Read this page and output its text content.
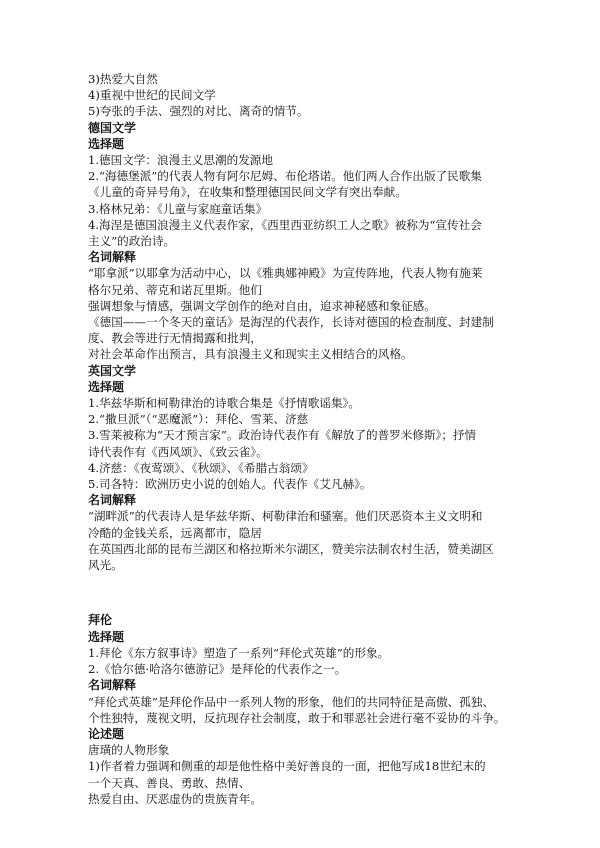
3)热爱大自然

4)重视中世纪的民间文学

5)夸张的手法、强烈的对比、离奇的情节。

德国文学

选择题

1.德国文学：浪漫主义思潮的发源地

2.“海德堡派”的代表人物有阿尔尼姆、布伦塔诺。他们两人合作出版了民歌集

《儿童的奇异号角》，在收集和整理德国民间文学有突出奉献。

3.格林兄弟：《儿童与家庭童话集》

4.海涅是德国浪漫主义代表作家，《西里西亚纺织工人之歌》被称为“宣传社会

主义”的政治诗。

名词解释

“耶拿派”以耶拿为活动中心，以《雅典娜神殿》为宣传阵地，代表人物有施莱

格尔兄弟、蒂克和诺瓦里斯。他们

强调想象与情感，强调文学创作的绝对自由，追求神秘感和象征感。

《德国——一个冬天的童话》是海涅的代表作，长诗对德国的检查制度、封建制

度、教会等进行无情揭露和批判，

对社会革命作出预言，具有浪漫主义和现实主义相结合的风格。

英国文学

选择题

1.华兹华斯和柯勒律治的诗歌合集是《抒情歌谣集》。

2.“撒旦派”（“恶魔派”）：拜伦、雪莱、济慈

3.雪莱被称为“天才预言家”。政治诗代表作有《解放了的普罗米修斯》；抒情

诗代表作有《西风颂》、《致云雀》。

4.济慈：《夜莺颂》、《秋颂》、《希腊古翁颂》

5.司各特：欧洲历史小说的创始人。代表作《艾凡赫》。

名词解释

“湖畔派”的代表诗人是华兹华斯、柯勒律治和骚塞。他们厌恶资本主义文明和

冷酷的金钱关系，远离都市，隐居

在英国西北部的昆布兰湖区和格拉斯米尔湖区，赞美宗法制农村生活，赞美湖区

风光。

拜伦

选择题

1.拜伦《东方叙事诗》塑造了一系列“拜伦式英雄”的形象。

2.《恰尔德·哈洛尔德游记》是拜伦的代表作之一。

名词解释

“拜伦式英雄”是拜伦作品中一系列人物的形象，他们的共同特征是高傲、孤独、

个性独特，蔑视文明，反抗现存社会制度，敢于和罪恶社会进行毫不妥协的斗争。

论述题

唐璜的人物形象

1)作者着力强调和侧重的却是他性格中美好善良的一面，把他写成18世纪末的

一个天真、善良、勇敢、热情、

热爱自由、厌恶虚伪的贵族青年。
